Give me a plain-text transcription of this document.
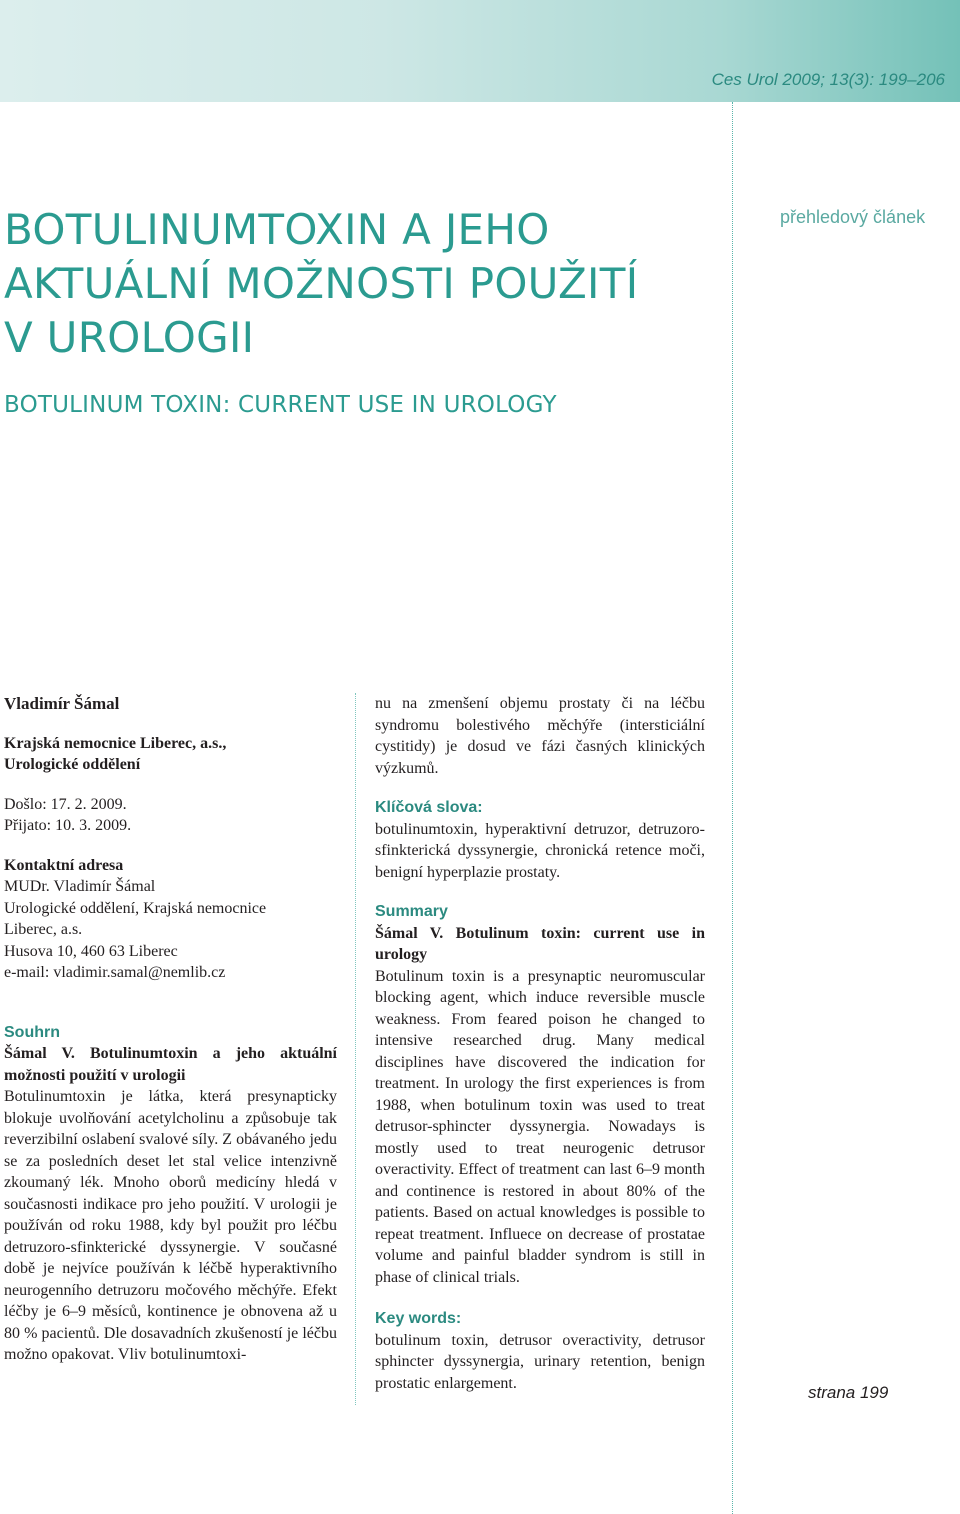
Ces Urol 2009; 13(3): 199–206
přehledový článek
BOTULINUMTOXIN A JEHO
AKTUÁLNÍ MOŽNOSTI POUŽITÍ
V UROLOGII
BOTULINUM TOXIN: CURRENT USE IN UROLOGY

Vladimír Šámal

Krajská nemocnice Liberec, a.s.,

Urologické oddělení

Došlo: 17. 2. 2009.

Přijato: 10. 3. 2009.

Kontaktní adresa

MUDr. Vladimír Šámal

Urologické oddělení, Krajská nemocnice

Liberec, a.s.

Husova 10, 460 63 Liberec

e-mail: vladimir.samal@nemlib.cz

Souhrn

Šámal V. Botulinumtoxin a jeho aktuální možnosti použití v urologii

Botulinumtoxin je látka, která presynapticky blokuje uvolňování acetylcholinu a způsobuje tak reverzibilní oslabení svalové síly. Z obávaného jedu se za posledních deset let stal velice intenzivně zkoumaný lék. Mnoho oborů medicíny hledá v současnosti indikace pro jeho použití. V urologii je používán od roku 1988, kdy byl použit pro léčbu detruzoro-sfinkterické dyssynergie. V současné době je nejvíce používán k léčbě hyperaktivního neurogenního detruzoru močového měchýře. Efekt léčby je 6–9 měsíců, kontinence je obnovena až u 80 % pacientů. Dle dosavadních zkušeností je léčbu možno opakovat. Vliv botulinumtoxi-

nu na zmenšení objemu prostaty či na léčbu syndromu bolestivého měchýře (intersticiální cystitidy) je dosud ve fázi časných klinických výzkumů.

Klíčová slova:

botulinumtoxin, hyperaktivní detruzor, detruzoro-sfinkterická dyssynergie, chronická retence moči, benigní hyperplazie prostaty.

Summary

Šámal V. Botulinum toxin: current use in urology

Botulinum toxin is a presynaptic neuromuscular blocking agent, which induce reversible muscle weakness. From feared poison he changed to intensive researched drug. Many medical disciplines have discovered the indication for treatment. In urology the first experiences is from 1988, when botulinum toxin was used to treat detrusor-sphincter dyssynergia. Nowadays is mostly used to treat neurogenic detrusor overactivity. Effect of treatment can last 6–9 month and continence is restored in about 80% of the patients. Based on actual knowledges is possible to repeat treatment. Influece on decrease of prostatae volume and painful bladder syndrom is still in phase of clinical trials.

Key words:

botulinum toxin, detrusor overactivity, detrusor sphincter dyssynergia, urinary retention, benign prostatic enlargement.	strana 199
